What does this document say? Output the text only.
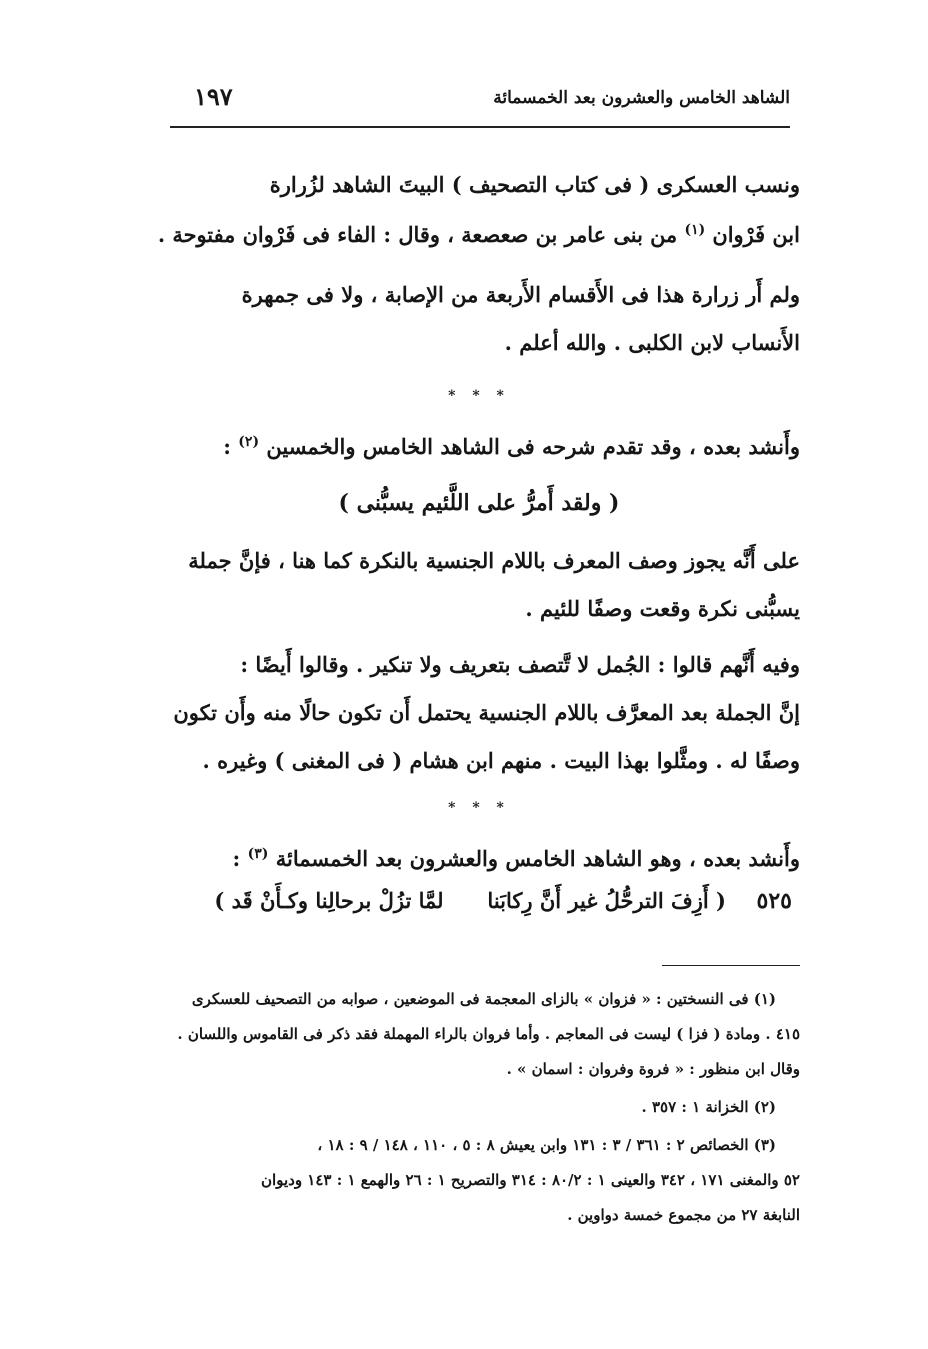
الشاهد الخامس والعشرون بعد الخمسمائة
١٩٧
ونسب العسكرى ( فى كتاب التصحيف ) البيتَ الشاهد لزُرارة
ابن فَرْوان $^{(١)}$ من بنى عامر بن صعصعة ، وقال : الفاء فى فَرْوان مفتوحة .
ولم أَر زرارة هذا فى الأَقسام الأَربعة من الإصابة ، ولا فى جمهرة
الأَنساب لابن الكلبى . والله أعلم .
* * *
وأَنشد بعده ، وقد تقدم شرحه فى الشاهد الخامس والخمسين $^{(٢)}$ :
( ولقد أَمرُّ على اللَّئيم يسبُّنى )
على أَنَّه يجوز وصف المعرف باللام الجنسية بالنكرة كما هنا ، فإنَّ جملة
يسبُّنى نكرة وقعت وصفًا للئيم .
وفيه أَنَّهم قالوا : الجُمل لا تَّتصف بتعريف ولا تنكير . وقالوا أَيضًا :
إنَّ الجملة بعد المعرَّف باللام الجنسية يحتمل أَن تكون حالًا منه وأَن تكون
وصفًا له . ومثَّلوا بهذا البيت . منهم ابن هشام ( فى المغنى ) وغيره .
* * *
وأَنشد بعده ، وهو الشاهد الخامس والعشرون بعد الخمسمائة $^{(٣)}$ :
٥٢٥
( أَزِفَ الترحُّلُ غير أَنَّ رِكابَنا      لمَّا تزُلْ برحالِنا وكـأَنْ قَد )
(١) فى النسختين : « فزوان » بالزاى المعجمة فى الموضعين ، صوابه من التصحيف للعسكرى
٤١٥ . ومادة ( فزا ) ليست فى المعاجم . وأما فروان بالراء المهملة فقد ذكر فى القاموس واللسان .
وقال ابن منظور : « فروة وفروان : اسمان » .
(٢) الخزانة ١ : ٣٥٧ .
(٣) الخصائص ٢ : ٣٦١ / ٣ : ١٣١ وابن يعيش ٨ : ٥ ، ١١٠ ، ١٤٨ / ٩ : ١٨ ،
٥٢ والمغنى ١٧١ ، ٣٤٢ والعينى ١ : ٨٠/٢ : ٣١٤ والتصريح ١ : ٢٦ والهمع ١ : ١٤٣ وديوان
النابغة ٢٧ من مجموع خمسة دواوين .
